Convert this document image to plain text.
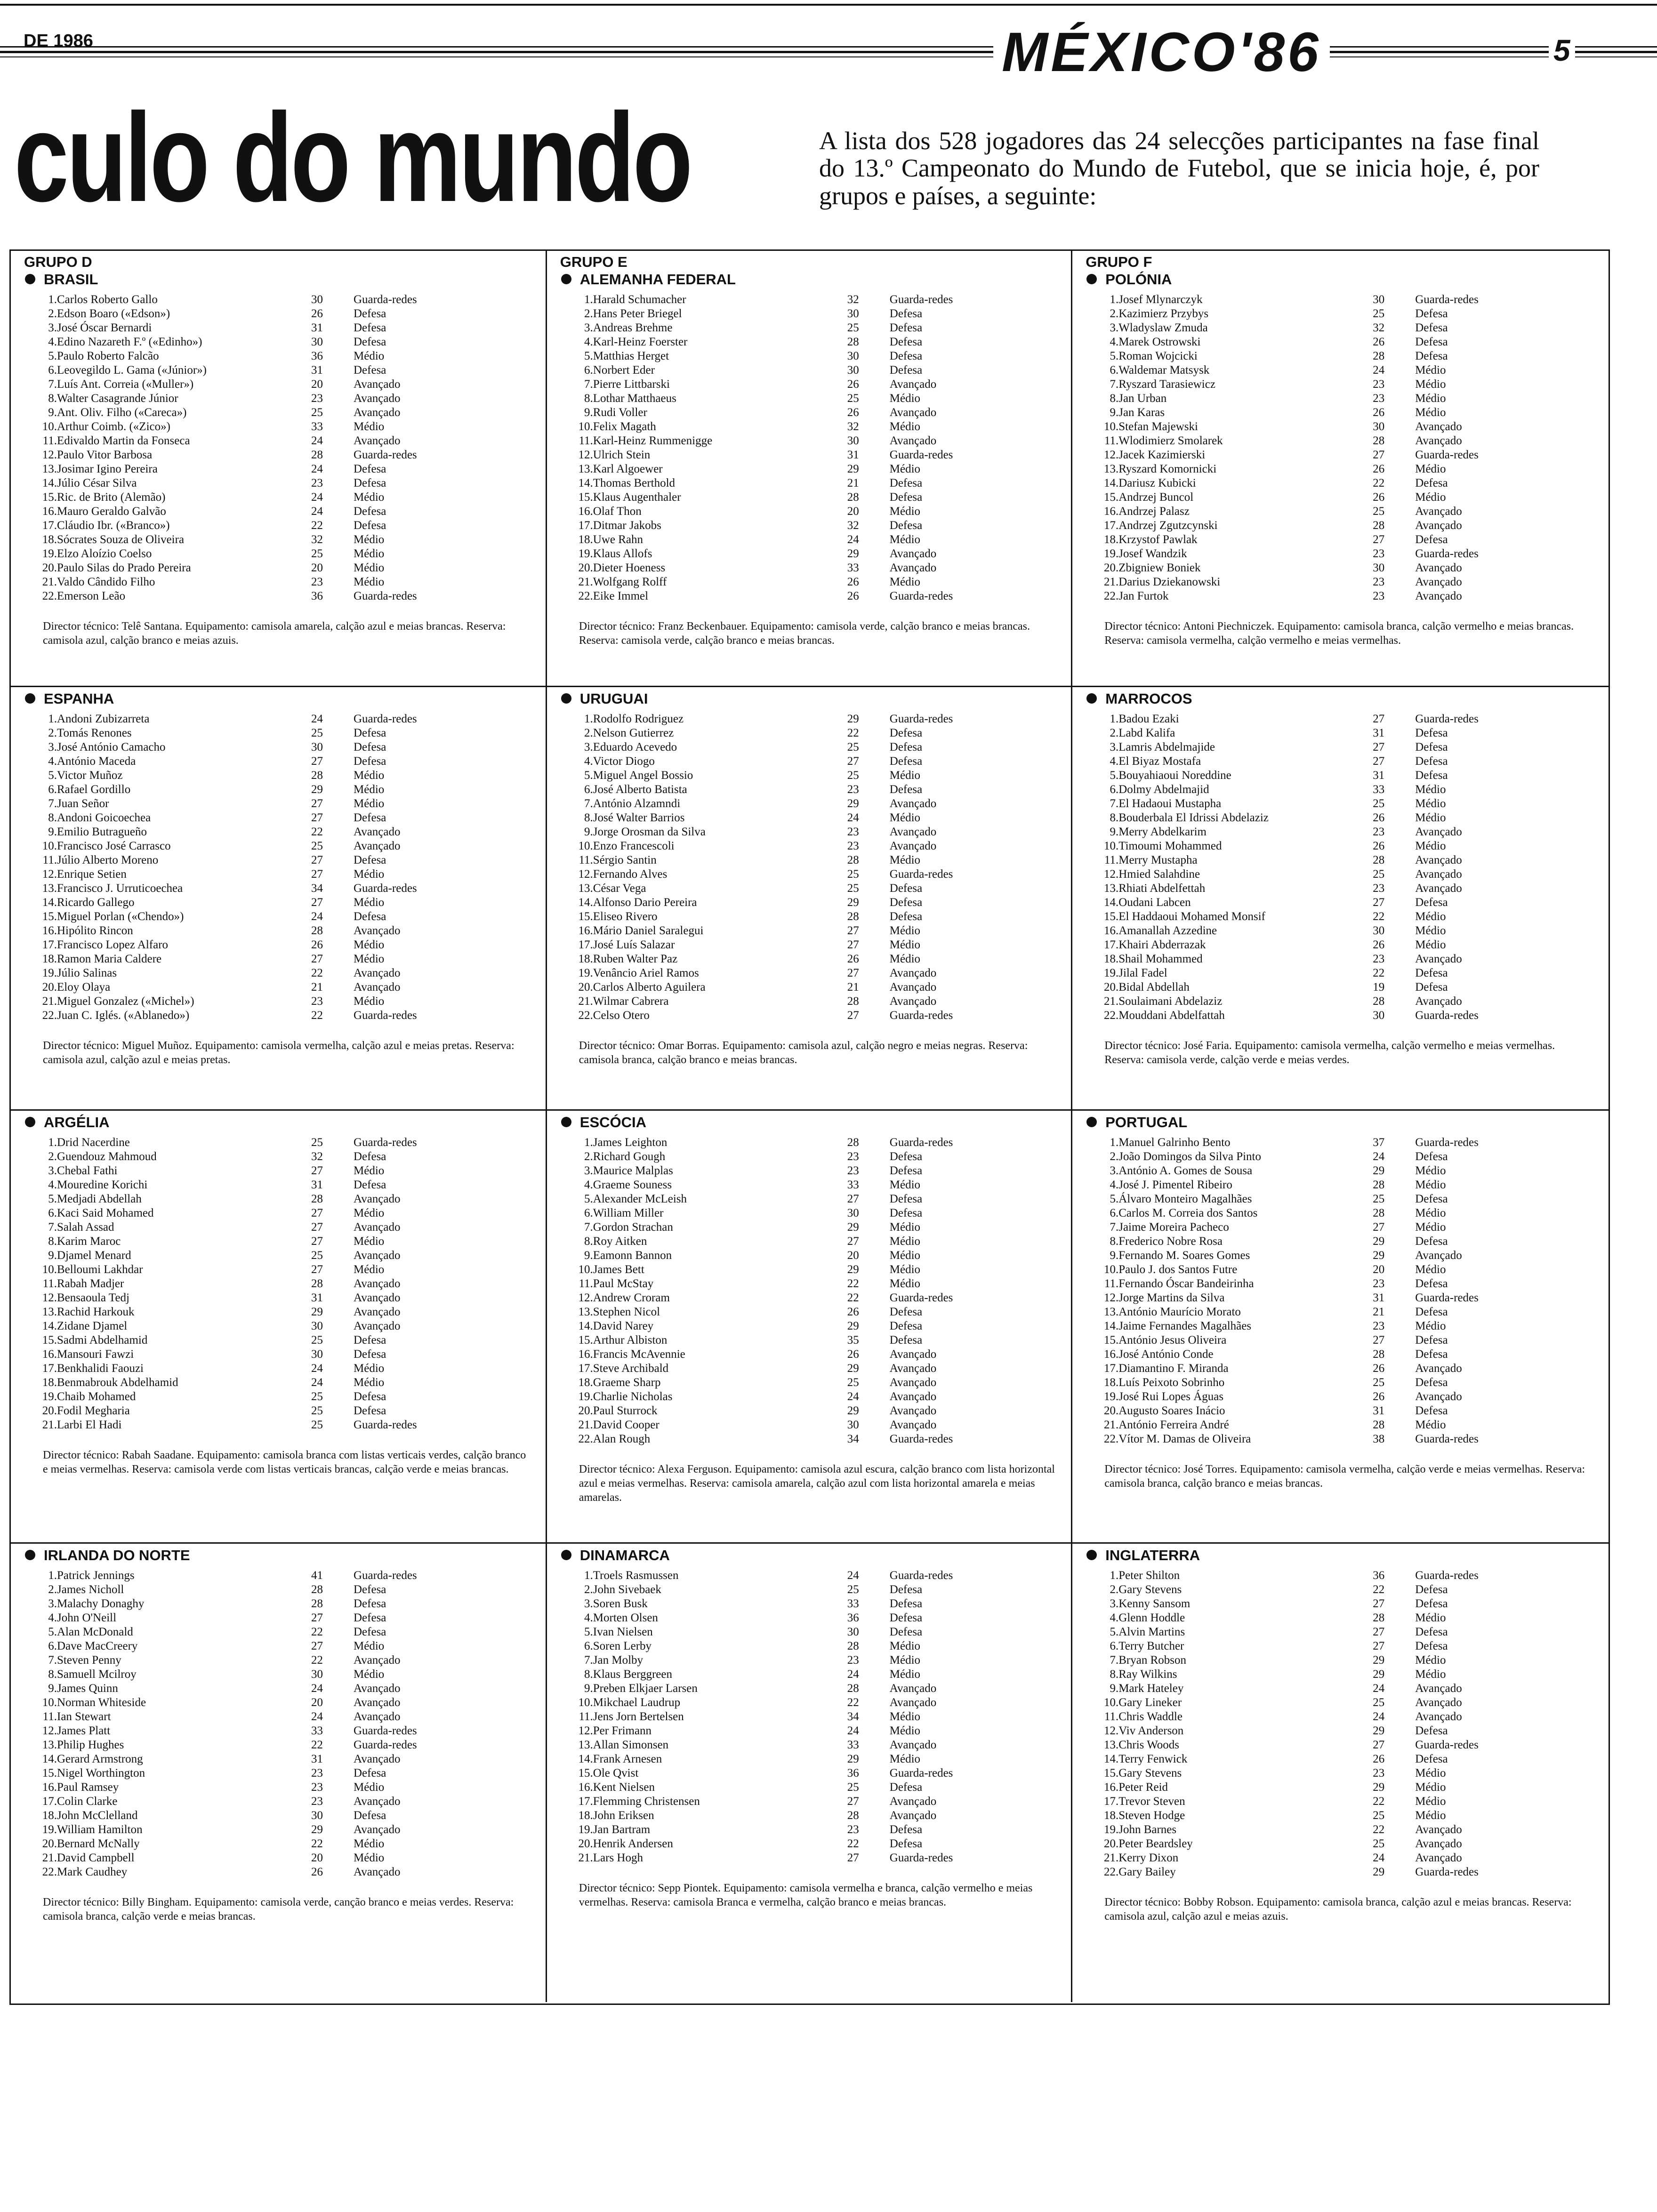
DE 1986	MÉXICO'86	5
culo do mundo	A lista dos 528 jogadores das 24 selecções participantes na fase final do 13.º Campeonato do Mundo de Futebol, que se inicia hoje, é, por grupos e países, a seguinte:
GRUPO D
BRASIL
1.	Carlos Roberto Gallo	30	Guarda-redes
2.	Edson Boaro («Edson»)	26	Defesa
3.	José Óscar Bernardi	31	Defesa
4.	Edino Nazareth F.º («Edinho»)	30	Defesa
5.	Paulo Roberto Falcão	36	Médio
6.	Leovegildo L. Gama («Júnior»)	31	Defesa
7.	Luís Ant. Correia («Muller»)	20	Avançado
8.	Walter Casagrande Júnior	23	Avançado
9.	Ant. Oliv. Filho («Careca»)	25	Avançado
10.	Arthur Coimb. («Zico»)	33	Médio
11.	Edivaldo Martin da Fonseca	24	Avançado
12.	Paulo Vitor Barbosa	28	Guarda-redes
13.	Josimar Igino Pereira	24	Defesa
14.	Júlio César Silva	23	Defesa
15.	Ric. de Brito (Alemão)	24	Médio
16.	Mauro Geraldo Galvão	24	Defesa
17.	Cláudio Ibr. («Branco»)	22	Defesa
18.	Sócrates Souza de Oliveira	32	Médio
19.	Elzo Aloízio Coelso	25	Médio
20.	Paulo Silas do Prado Pereira	20	Médio
21.	Valdo Cândido Filho	23	Médio
22.	Emerson Leão	36	Guarda-redes
Director técnico: Telê Santana. Equipamento: camisola amarela, calção azul e meias brancas. Reserva: camisola azul, calção branco e meias azuis.
GRUPO E
ALEMANHA FEDERAL
1.	Harald Schumacher	32	Guarda-redes
2.	Hans Peter Briegel	30	Defesa
3.	Andreas Brehme	25	Defesa
4.	Karl-Heinz Foerster	28	Defesa
5.	Matthias Herget	30	Defesa
6.	Norbert Eder	30	Defesa
7.	Pierre Littbarski	26	Avançado
8.	Lothar Matthaeus	25	Médio
9.	Rudi Voller	26	Avançado
10.	Felix Magath	32	Médio
11.	Karl-Heinz Rummenigge	30	Avançado
12.	Ulrich Stein	31	Guarda-redes
13.	Karl Algoewer	29	Médio
14.	Thomas Berthold	21	Defesa
15.	Klaus Augenthaler	28	Defesa
16.	Olaf Thon	20	Médio
17.	Ditmar Jakobs	32	Defesa
18.	Uwe Rahn	24	Médio
19.	Klaus Allofs	29	Avançado
20.	Dieter Hoeness	33	Avançado
21.	Wolfgang Rolff	26	Médio
22.	Eike Immel	26	Guarda-redes
Director técnico: Franz Beckenbauer. Equipamento: camisola verde, calção branco e meias brancas. Reserva: camisola verde, calção branco e meias brancas.
GRUPO F
POLÓNIA
1.	Josef Mlynarczyk	30	Guarda-redes
2.	Kazimierz Przybys	25	Defesa
3.	Wladyslaw Zmuda	32	Defesa
4.	Marek Ostrowski	26	Defesa
5.	Roman Wojcicki	28	Defesa
6.	Waldemar Matsysk	24	Médio
7.	Ryszard Tarasiewicz	23	Médio
8.	Jan Urban	23	Médio
9.	Jan Karas	26	Médio
10.	Stefan Majewski	30	Avançado
11.	Wlodimierz Smolarek	28	Avançado
12.	Jacek Kazimierski	27	Guarda-redes
13.	Ryszard Komornicki	26	Médio
14.	Dariusz Kubicki	22	Defesa
15.	Andrzej Buncol	26	Médio
16.	Andrzej Palasz	25	Avançado
17.	Andrzej Zgutzcynski	28	Avançado
18.	Krzystof Pawlak	27	Defesa
19.	Josef Wandzik	23	Guarda-redes
20.	Zbigniew Boniek	30	Avançado
21.	Darius Dziekanowski	23	Avançado
22.	Jan Furtok	23	Avançado
Director técnico: Antoni Piechniczek. Equipamento: camisola branca, calção vermelho e meias brancas. Reserva: camisola vermelha, calção vermelho e meias vermelhas.
ESPANHA
1.	Andoni Zubizarreta	24	Guarda-redes
2.	Tomás Renones	25	Defesa
3.	José António Camacho	30	Defesa
4.	António Maceda	27	Defesa
5.	Victor Muñoz	28	Médio
6.	Rafael Gordillo	29	Médio
7.	Juan Señor	27	Médio
8.	Andoni Goicoechea	27	Defesa
9.	Emilio Butragueño	22	Avançado
10.	Francisco José Carrasco	25	Avançado
11.	Júlio Alberto Moreno	27	Defesa
12.	Enrique Setien	27	Médio
13.	Francisco J. Urruticoechea	34	Guarda-redes
14.	Ricardo Gallego	27	Médio
15.	Miguel Porlan («Chendo»)	24	Defesa
16.	Hipólito Rincon	28	Avançado
17.	Francisco Lopez Alfaro	26	Médio
18.	Ramon Maria Caldere	27	Médio
19.	Júlio Salinas	22	Avançado
20.	Eloy Olaya	21	Avançado
21.	Miguel Gonzalez («Michel»)	23	Médio
22.	Juan C. Iglés. («Ablanedo»)	22	Guarda-redes
Director técnico: Miguel Muñoz. Equipamento: camisola vermelha, calção azul e meias pretas. Reserva: camisola azul, calção azul e meias pretas.
URUGUAI
1.	Rodolfo Rodriguez	29	Guarda-redes
2.	Nelson Gutierrez	22	Defesa
3.	Eduardo Acevedo	25	Defesa
4.	Victor Diogo	27	Defesa
5.	Miguel Angel Bossio	25	Médio
6.	José Alberto Batista	23	Defesa
7.	António Alzamndi	29	Avançado
8.	José Walter Barrios	24	Médio
9.	Jorge Orosman da Silva	23	Avançado
10.	Enzo Francescoli	23	Avançado
11.	Sérgio Santin	28	Médio
12.	Fernando Alves	25	Guarda-redes
13.	César Vega	25	Defesa
14.	Alfonso Dario Pereira	29	Defesa
15.	Eliseo Rivero	28	Defesa
16.	Mário Daniel Saralegui	27	Médio
17.	José Luís Salazar	27	Médio
18.	Ruben Walter Paz	26	Médio
19.	Venâncio Ariel Ramos	27	Avançado
20.	Carlos Alberto Aguilera	21	Avançado
21.	Wilmar Cabrera	28	Avançado
22.	Celso Otero	27	Guarda-redes
Director técnico: Omar Borras. Equipamento: camisola azul, calção negro e meias negras. Reserva: camisola branca, calção branco e meias brancas.
MARROCOS
1.	Badou Ezaki	27	Guarda-redes
2.	Labd Kalifa	31	Defesa
3.	Lamris Abdelmajide	27	Defesa
4.	El Biyaz Mostafa	27	Defesa
5.	Bouyahiaoui Noreddine	31	Defesa
6.	Dolmy Abdelmajid	33	Médio
7.	El Hadaoui Mustapha	25	Médio
8.	Bouderbala El Idrissi Abdelaziz	26	Médio
9.	Merry Abdelkarim	23	Avançado
10.	Timoumi Mohammed	26	Médio
11.	Merry Mustapha	28	Avançado
12.	Hmied Salahdine	25	Avançado
13.	Rhiati Abdelfettah	23	Avançado
14.	Oudani Labcen	27	Defesa
15.	El Haddaoui Mohamed Monsif	22	Médio
16.	Amanallah Azzedine	30	Médio
17.	Khairi Abderrazak	26	Médio
18.	Shail Mohammed	23	Avançado
19.	Jilal Fadel	22	Defesa
20.	Bidal Abdellah	19	Defesa
21.	Soulaimani Abdelaziz	28	Avançado
22.	Mouddani Abdelfattah	30	Guarda-redes
Director técnico: José Faria. Equipamento: camisola vermelha, calção vermelho e meias vermelhas. Reserva: camisola verde, calção verde e meias verdes.
ARGÉLIA
1.	Drid Nacerdine	25	Guarda-redes
2.	Guendouz Mahmoud	32	Defesa
3.	Chebal Fathi	27	Médio
4.	Mouredine Korichi	31	Defesa
5.	Medjadi Abdellah	28	Avançado
6.	Kaci Said Mohamed	27	Médio
7.	Salah Assad	27	Avançado
8.	Karim Maroc	27	Médio
9.	Djamel Menard	25	Avançado
10.	Belloumi Lakhdar	27	Médio
11.	Rabah Madjer	28	Avançado
12.	Bensaoula Tedj	31	Avançado
13.	Rachid Harkouk	29	Avançado
14.	Zidane Djamel	30	Avançado
15.	Sadmi Abdelhamid	25	Defesa
16.	Mansouri Fawzi	30	Defesa
17.	Benkhalidi Faouzi	24	Médio
18.	Benmabrouk Abdelhamid	24	Médio
19.	Chaib Mohamed	25	Defesa
20.	Fodil Megharia	25	Defesa
21.	Larbi El Hadi	25	Guarda-redes
Director técnico: Rabah Saadane. Equipamento: camisola branca com listas verticais verdes, calção branco e meias vermelhas. Reserva: camisola verde com listas verticais brancas, calção verde e meias brancas.
ESCÓCIA
1.	James Leighton	28	Guarda-redes
2.	Richard Gough	23	Defesa
3.	Maurice Malplas	23	Defesa
4.	Graeme Souness	33	Médio
5.	Alexander McLeish	27	Defesa
6.	William Miller	30	Defesa
7.	Gordon Strachan	29	Médio
8.	Roy Aitken	27	Médio
9.	Eamonn Bannon	20	Médio
10.	James Bett	29	Médio
11.	Paul McStay	22	Médio
12.	Andrew Croram	22	Guarda-redes
13.	Stephen Nicol	26	Defesa
14.	David Narey	29	Defesa
15.	Arthur Albiston	35	Defesa
16.	Francis McAvennie	26	Avançado
17.	Steve Archibald	29	Avançado
18.	Graeme Sharp	25	Avançado
19.	Charlie Nicholas	24	Avançado
20.	Paul Sturrock	29	Avançado
21.	David Cooper	30	Avançado
22.	Alan Rough	34	Guarda-redes
Director técnico: Alexa Ferguson. Equipamento: camisola azul escura, calção branco com lista horizontal azul e meias vermelhas. Reserva: camisola amarela, calção azul com lista horizontal amarela e meias amarelas.
PORTUGAL
1.	Manuel Galrinho Bento	37	Guarda-redes
2.	João Domingos da Silva Pinto	24	Defesa
3.	António A. Gomes de Sousa	29	Médio
4.	José J. Pimentel Ribeiro	28	Médio
5.	Álvaro Monteiro Magalhães	25	Defesa
6.	Carlos M. Correia dos Santos	28	Médio
7.	Jaime Moreira Pacheco	27	Médio
8.	Frederico Nobre Rosa	29	Defesa
9.	Fernando M. Soares Gomes	29	Avançado
10.	Paulo J. dos Santos Futre	20	Médio
11.	Fernando Óscar Bandeirinha	23	Defesa
12.	Jorge Martins da Silva	31	Guarda-redes
13.	António Maurício Morato	21	Defesa
14.	Jaime Fernandes Magalhães	23	Médio
15.	António Jesus Oliveira	27	Defesa
16.	José António Conde	28	Defesa
17.	Diamantino F. Miranda	26	Avançado
18.	Luís Peixoto Sobrinho	25	Defesa
19.	José Rui Lopes Águas	26	Avançado
20.	Augusto Soares Inácio	31	Defesa
21.	António Ferreira André	28	Médio
22.	Vítor M. Damas de Oliveira	38	Guarda-redes
Director técnico: José Torres. Equipamento: camisola vermelha, calção verde e meias vermelhas. Reserva: camisola branca, calção branco e meias brancas.
IRLANDA DO NORTE
1.	Patrick Jennings	41	Guarda-redes
2.	James Nicholl	28	Defesa
3.	Malachy Donaghy	28	Defesa
4.	John O'Neill	27	Defesa
5.	Alan McDonald	22	Defesa
6.	Dave MacCreery	27	Médio
7.	Steven Penny	22	Avançado
8.	Samuell Mcilroy	30	Médio
9.	James Quinn	24	Avançado
10.	Norman Whiteside	20	Avançado
11.	Ian Stewart	24	Avançado
12.	James Platt	33	Guarda-redes
13.	Philip Hughes	22	Guarda-redes
14.	Gerard Armstrong	31	Avançado
15.	Nigel Worthington	23	Defesa
16.	Paul Ramsey	23	Médio
17.	Colin Clarke	23	Avançado
18.	John McClelland	30	Defesa
19.	William Hamilton	29	Avançado
20.	Bernard McNally	22	Médio
21.	David Campbell	20	Médio
22.	Mark Caudhey	26	Avançado
Director técnico: Billy Bingham. Equipamento: camisola verde, canção branco e meias verdes. Reserva: camisola branca, calção verde e meias brancas.
DINAMARCA
1.	Troels Rasmussen	24	Guarda-redes
2.	John Sivebaek	25	Defesa
3.	Soren Busk	33	Defesa
4.	Morten Olsen	36	Defesa
5.	Ivan Nielsen	30	Defesa
6.	Soren Lerby	28	Médio
7.	Jan Molby	23	Médio
8.	Klaus Berggreen	24	Médio
9.	Preben Elkjaer Larsen	28	Avançado
10.	Mikchael Laudrup	22	Avançado
11.	Jens Jorn Bertelsen	34	Médio
12.	Per Frimann	24	Médio
13.	Allan Simonsen	33	Avançado
14.	Frank Arnesen	29	Médio
15.	Ole Qvist	36	Guarda-redes
16.	Kent Nielsen	25	Defesa
17.	Flemming Christensen	27	Avançado
18.	John Eriksen	28	Avançado
19.	Jan Bartram	23	Defesa
20.	Henrik Andersen	22	Defesa
21.	Lars Hogh	27	Guarda-redes
Director técnico: Sepp Piontek. Equipamento: camisola vermelha e branca, calção vermelho e meias vermelhas. Reserva: camisola Branca e vermelha, calção branco e meias brancas.
INGLATERRA
1.	Peter Shilton	36	Guarda-redes
2.	Gary Stevens	22	Defesa
3.	Kenny Sansom	27	Defesa
4.	Glenn Hoddle	28	Médio
5.	Alvin Martins	27	Defesa
6.	Terry Butcher	27	Defesa
7.	Bryan Robson	29	Médio
8.	Ray Wilkins	29	Médio
9.	Mark Hateley	24	Avançado
10.	Gary Lineker	25	Avançado
11.	Chris Waddle	24	Avançado
12.	Viv Anderson	29	Defesa
13.	Chris Woods	27	Guarda-redes
14.	Terry Fenwick	26	Defesa
15.	Gary Stevens	23	Médio
16.	Peter Reid	29	Médio
17.	Trevor Steven	22	Médio
18.	Steven Hodge	25	Médio
19.	John Barnes	22	Avançado
20.	Peter Beardsley	25	Avançado
21.	Kerry Dixon	24	Avançado
22.	Gary Bailey	29	Guarda-redes
Director técnico: Bobby Robson. Equipamento: camisola branca, calção azul e meias brancas. Reserva: camisola azul, calção azul e meias azuis.
